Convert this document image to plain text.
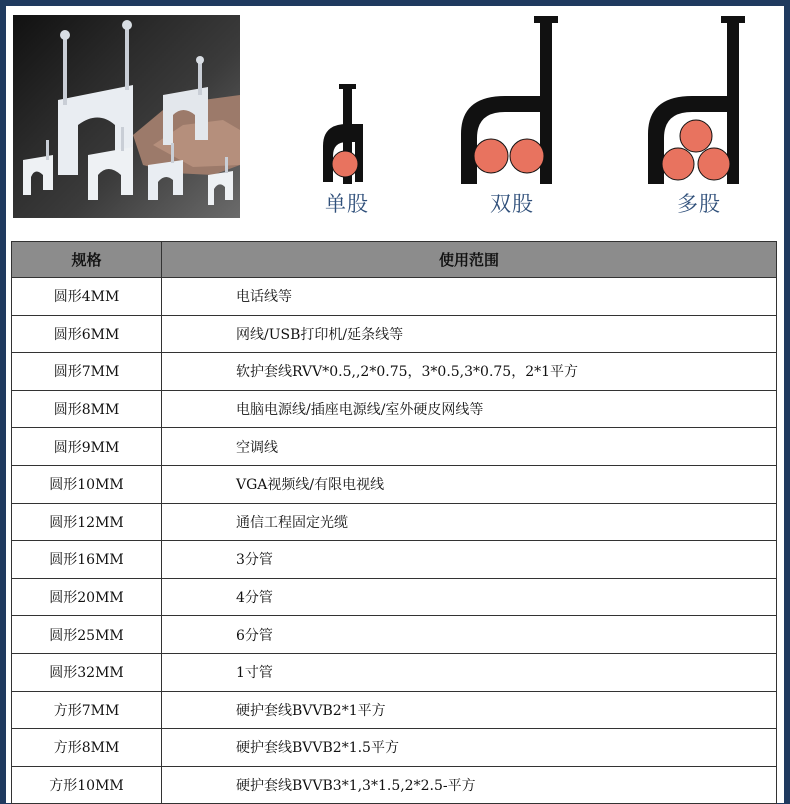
单股	双股	多股
规格	使用范围
圆形4MM	电话线等
圆形6MM	网线/USB打印机/延条线等
圆形7MM	软护套线RVV*0.5,,2*0.75，3*0.5,3*0.75，2*1平方
圆形8MM	电脑电源线/插座电源线/室外硬皮网线等
圆形9MM	空调线
圆形10MM	VGA视频线/有限电视线
圆形12MM	通信工程固定光缆
圆形16MM	3分管
圆形20MM	4分管
圆形25MM	6分管
圆形32MM	1寸管
方形7MM	硬护套线BVVB2*1平方
方形8MM	硬护套线BVVB2*1.5平方
方形10MM	硬护套线BVVB3*1,3*1.5,2*2.5-平方
